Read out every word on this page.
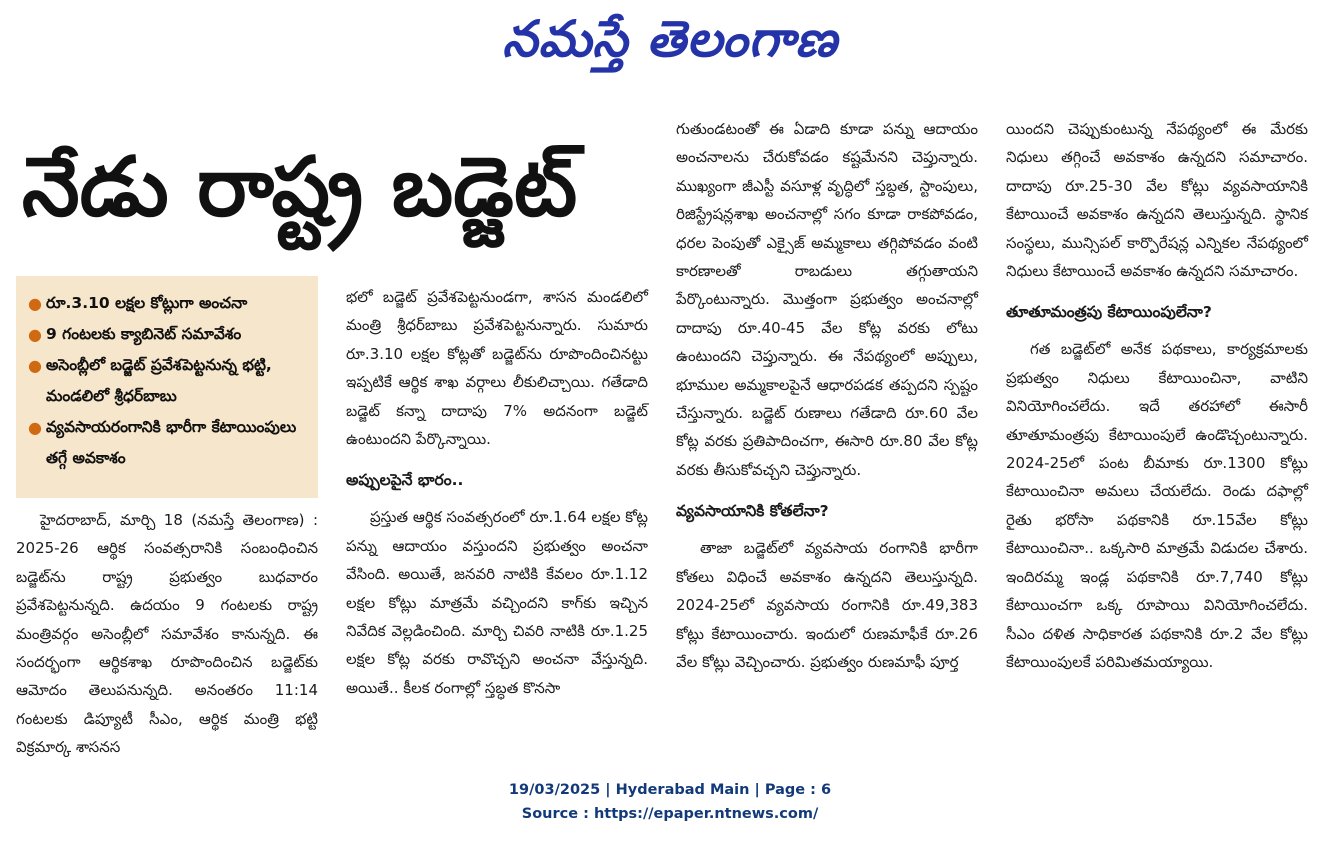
నమస్తే తెలంగాణ
నేడు రాష్ట్ర బడ్జెట్
● రూ.3.10 లక్షల కోట్లుగా అంచనా
● 9 గంటలకు క్యాబినెట్ సమావేశం
● అసెంబ్లీలో బడ్జెట్ ప్రవేశపెట్టనున్న భట్టి, మండలిలో శ్రీధర్‌బాబు
● వ్యవసాయరంగానికి భారీగా కేటాయింపులు తగ్గే అవకాశం

హైదరాబాద్, మార్చి 18 (నమస్తే తెలంగాణ) : 2025-26 ఆర్థిక సంవత్సరానికి సంబంధించిన బడ్జెట్‌ను రాష్ట్ర ప్రభుత్వం బుధవారం ప్రవేశపెట్టనున్నది. ఉదయం 9 గంటలకు రాష్ట్ర మంత్రివర్గం అసెంబ్లీలో సమావేశం కానున్నది. ఈ సందర్భంగా ఆర్థికశాఖ రూపొందించిన బడ్జెట్‌కు ఆమోదం తెలుపనున్నది. అనంతరం 11:14 గంటలకు డిప్యూటీ సీఎం, ఆర్థిక మంత్రి భట్టి విక్రమార్క శాసనస

భలో బడ్జెట్ ప్రవేశపెట్టనుండగా, శాసన మండలిలో మంత్రి శ్రీధర్‌బాబు ప్రవేశపెట్టనున్నారు. సుమారు రూ.3.10 లక్షల కోట్లతో బడ్జెట్‌ను రూపొందించినట్టు ఇప్పటికే ఆర్థిక శాఖ వర్గాలు లీకులిచ్చాయి. గతేడాది బడ్జెట్ కన్నా దాదాపు 7% అదనంగా బడ్జెట్ ఉంటుందని పేర్కొన్నాయి.

అప్పులపైనే భారం..

ప్రస్తుత ఆర్థిక సంవత్సరంలో రూ.1.64 లక్షల కోట్ల పన్ను ఆదాయం వస్తుందని ప్రభుత్వం అంచనా వేసింది. అయితే, జనవరి నాటికి కేవలం రూ.1.12 లక్షల కోట్లు మాత్రమే వచ్చిందని కాగ్‌కు ఇచ్చిన నివేదిక వెల్లడించింది. మార్చి చివరి నాటికి రూ.1.25 లక్షల కోట్ల వరకు రావొచ్చని అంచనా వేస్తున్నది. అయితే.. కీలక రంగాల్లో స్తబ్ధత కొనసా

గుతుండటంతో ఈ ఏడాది కూడా పన్ను ఆదాయం అంచనాలను చేరుకోవడం కష్టమేనని చెప్తున్నారు. ముఖ్యంగా జీఎస్టీ వసూళ్ల వృద్ధిలో స్తబ్ధత, స్టాంపులు, రిజిస్ట్రేషన్లశాఖ అంచనాల్లో సగం కూడా రాకపోవడం, ధరల పెంపుతో ఎక్సైజ్ అమ్మకాలు తగ్గిపోవడం వంటి కారణాలతో రాబడులు తగ్గుతాయని పేర్కొంటున్నారు. మొత్తంగా ప్రభుత్వం అంచనాల్లో దాదాపు రూ.40-45 వేల కోట్ల వరకు లోటు ఉంటుందని చెప్తున్నారు. ఈ నేపథ్యంలో అప్పులు, భూముల అమ్మకాలపైనే ఆధారపడక తప్పదని స్పష్టం చేస్తున్నారు. బడ్జెట్ రుణాలు గతేడాది రూ.60 వేల కోట్ల వరకు ప్రతిపాదించగా, ఈసారి రూ.80 వేల కోట్ల వరకు తీసుకోవచ్చని చెప్తున్నారు.

వ్యవసాయానికి కోతలేనా?

తాజా బడ్జెట్‌లో వ్యవసాయ రంగానికి భారీగా కోతలు విధించే అవకాశం ఉన్నదని తెలుస్తున్నది. 2024-25లో వ్యవసాయ రంగానికి రూ.49,383 కోట్లు కేటాయించారు. ఇందులో రుణమాఫీకే రూ.26 వేల కోట్లు వెచ్చించారు. ప్రభుత్వం రుణమాఫీ పూర్త

యిందని చెప్పుకుంటున్న నేపథ్యంలో ఈ మేరకు నిధులు తగ్గించే అవకాశం ఉన్నదని సమాచారం. దాదాపు రూ.25-30 వేల కోట్లు వ్యవసాయానికి కేటాయించే అవకాశం ఉన్నదని తెలుస్తున్నది. స్థానిక సంస్థలు, మున్సిపల్ కార్పొరేషన్ల ఎన్నికల నేపథ్యంలో నిధులు కేటాయించే అవకాశం ఉన్నదని సమాచారం.

తూతూమంత్రపు కేటాయింపులేనా?

గత బడ్జెట్‌లో అనేక పథకాలు, కార్యక్రమాలకు ప్రభుత్వం నిధులు కేటాయించినా, వాటిని వినియోగించలేదు. ఇదే తరహాలో ఈసారీ తూతూమంత్రపు కేటాయింపులే ఉండొచ్చంటున్నారు. 2024-25లో పంట బీమాకు రూ.1300 కోట్లు కేటాయించినా అమలు చేయలేదు. రెండు దఫాల్లో రైతు భరోసా పథకానికి రూ.15వేల కోట్లు కేటాయించినా.. ఒక్కసారి మాత్రమే విడుదల చేశారు. ఇందిరమ్మ ఇండ్ల పథకానికి రూ.7,740 కోట్లు కేటాయించగా ఒక్క రూపాయి వినియోగించలేదు. సీఎం దళిత సాధికారత పథకానికి రూ.2 వేల కోట్లు కేటాయింపులకే పరిమితమయ్యాయి.

19/03/2025 | Hyderabad Main | Page : 6
Source : https://epaper.ntnews.com/
